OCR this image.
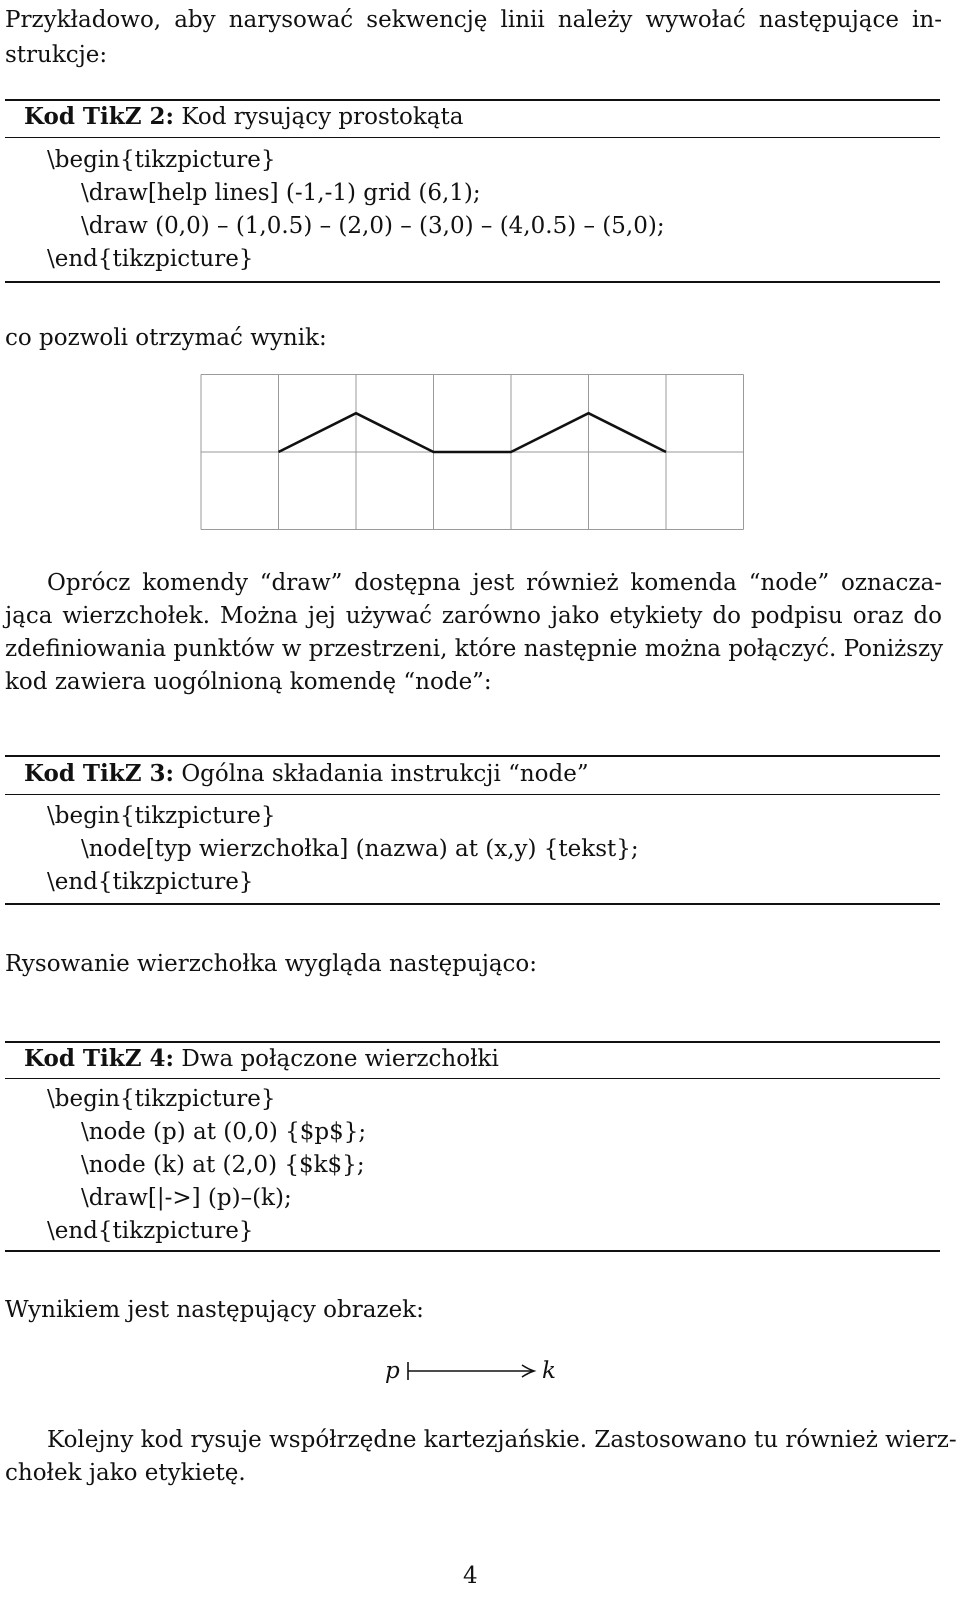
Przykładowo, aby narysować sekwencję linii należy wywołać następujące in-
strukcje:
Kod TikZ 2: Kod rysujący prostokąta
\begin{tikzpicture}
\draw[help lines] (-1,-1) grid (6,1);
\draw (0,0) – (1,0.5) – (2,0) – (3,0) – (4,0.5) – (5,0);
\end{tikzpicture}
co pozwoli otrzymać wynik:
Oprócz komendy “draw” dostępna jest również komenda “node” oznacza-
jąca wierzchołek. Można jej używać zarówno jako etykiety do podpisu oraz do
zdefiniowania punktów w przestrzeni, które następnie można połączyć. Poniższy
kod zawiera uogólnioną komendę “node”:
Kod TikZ 3: Ogólna składania instrukcji “node”
\begin{tikzpicture}
\node[typ wierzchołka] (nazwa) at (x,y) {tekst};
\end{tikzpicture}
Rysowanie wierzchołka wygląda następująco:
Kod TikZ 4: Dwa połączone wierzchołki
\begin{tikzpicture}
\node (p) at (0,0) {$p$};
\node (k) at (2,0) {$k$};
\draw[|->] (p)–(k);
\end{tikzpicture}
Wynikiem jest następujący obrazek:
p	k
Kolejny kod rysuje współrzędne kartezjańskie. Zastosowano tu również wierz-
chołek jako etykietę.
4
